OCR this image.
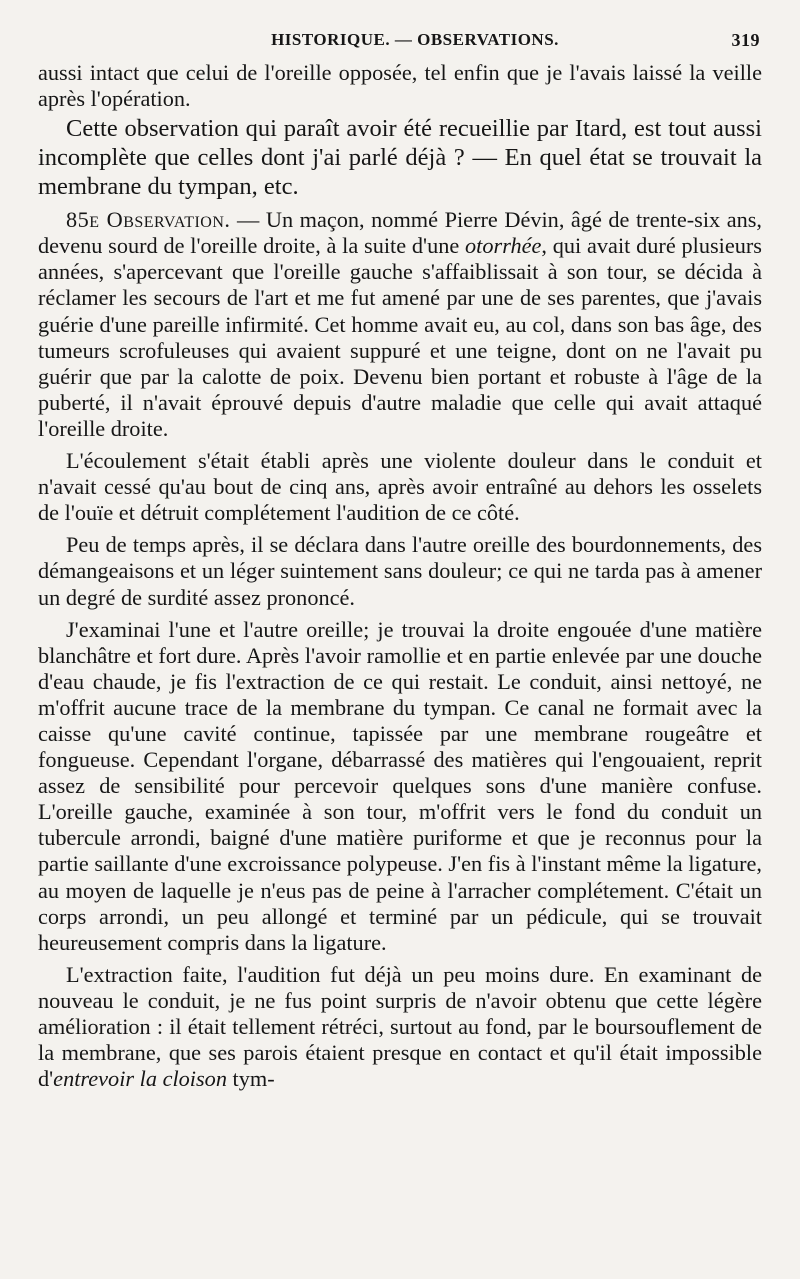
HISTORIQUE. — OBSERVATIONS.	319

aussi intact que celui de l'oreille opposée, tel enfin que je l'avais laissé la veille après l'opération.

Cette observation qui paraît avoir été recueillie par Itard, est tout aussi incomplète que celles dont j'ai parlé déjà ? — En quel état se trouvait la membrane du tympan, etc.

85e Observation. — Un maçon, nommé Pierre Dévin, âgé de trente-six ans, devenu sourd de l'oreille droite, à la suite d'une otorrhée, qui avait duré plusieurs années, s'apercevant que l'oreille gauche s'affaiblissait à son tour, se décida à réclamer les secours de l'art et me fut amené par une de ses parentes, que j'avais guérie d'une pareille infirmité. Cet homme avait eu, au col, dans son bas âge, des tumeurs scrofuleuses qui avaient suppuré et une teigne, dont on ne l'avait pu guérir que par la calotte de poix. Devenu bien portant et robuste à l'âge de la puberté, il n'avait éprouvé depuis d'autre maladie que celle qui avait attaqué l'oreille droite.

L'écoulement s'était établi après une violente douleur dans le conduit et n'avait cessé qu'au bout de cinq ans, après avoir entraîné au dehors les osselets de l'ouïe et détruit complétement l'audition de ce côté.

Peu de temps après, il se déclara dans l'autre oreille des bourdonnements, des démangeaisons et un léger suintement sans douleur; ce qui ne tarda pas à amener un degré de surdité assez prononcé.

J'examinai l'une et l'autre oreille; je trouvai la droite engouée d'une matière blanchâtre et fort dure. Après l'avoir ramollie et en partie enlevée par une douche d'eau chaude, je fis l'extraction de ce qui restait. Le conduit, ainsi nettoyé, ne m'offrit aucune trace de la membrane du tympan. Ce canal ne formait avec la caisse qu'une cavité continue, tapissée par une membrane rougeâtre et fongueuse. Cependant l'organe, débarrassé des matières qui l'engouaient, reprit assez de sensibilité pour percevoir quelques sons d'une manière confuse. L'oreille gauche, examinée à son tour, m'offrit vers le fond du conduit un tubercule arrondi, baigné d'une matière puriforme et que je reconnus pour la partie saillante d'une excroissance polypeuse. J'en fis à l'instant même la ligature, au moyen de laquelle je n'eus pas de peine à l'arracher complétement. C'était un corps arrondi, un peu allongé et terminé par un pédicule, qui se trouvait heureusement compris dans la ligature.

L'extraction faite, l'audition fut déjà un peu moins dure. En examinant de nouveau le conduit, je ne fus point surpris de n'avoir obtenu que cette légère amélioration : il était tellement rétréci, surtout au fond, par le boursouflement de la membrane, que ses parois étaient presque en contact et qu'il était impossible d'entrevoir la cloison tym-
